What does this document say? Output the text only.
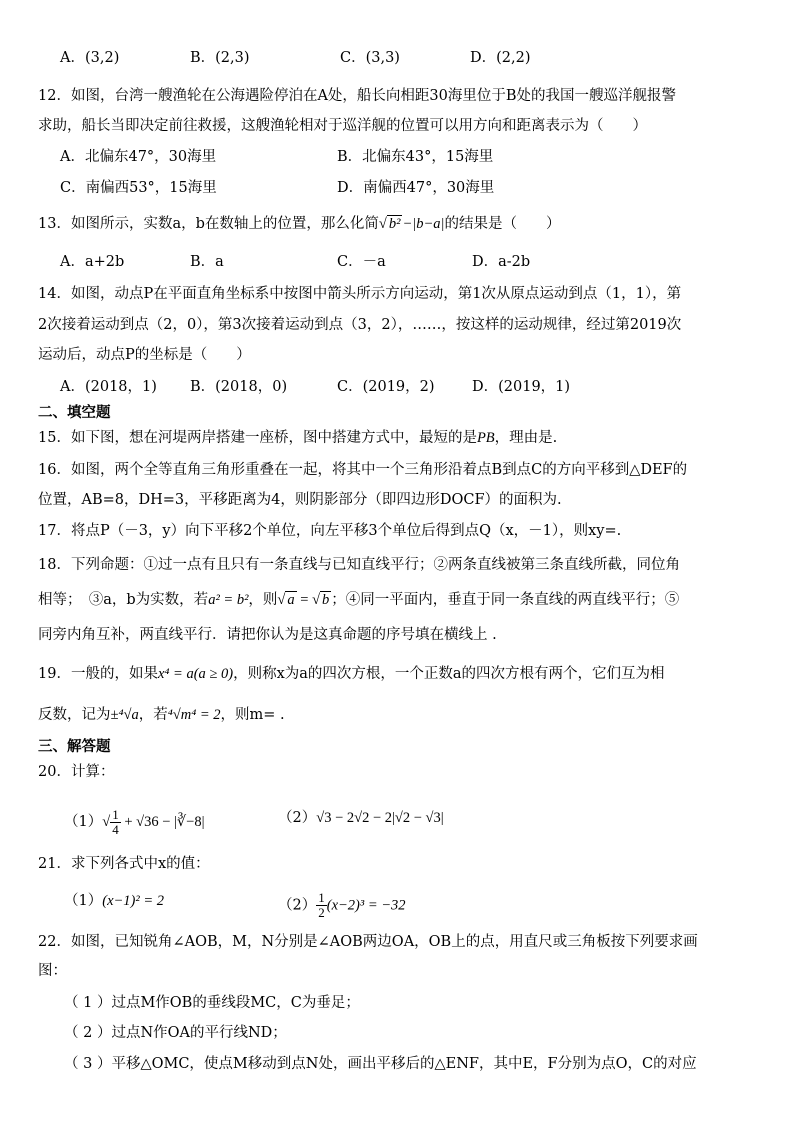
A．(3,2)	B．(2,3)	C．(3,3)	D．(2,2)
12．如图，台湾一艘渔轮在公海遇险停泊在A处，船长向相距30海里位于B处的我国一艘巡洋舰报警
求助，船长当即决定前往救援，这艘渔轮相对于巡洋舰的位置可以用方向和距离表示为（　　）
A．北偏东47°，30海里	B．北偏东43°，15海里
C．南偏西53°，15海里	D．南偏西47°，30海里
13．如图所示，实数a，b在数轴上的位置，那么化简√ b² −|b−a|的结果是（　　）
A．a+2b	B．a	C．－a	D．a-2b
14．如图，动点P在平面直角坐标系中按图中箭头所示方向运动，第1次从原点运动到点（1，1），第
2次接着运动到点（2，0），第3次接着运动到点（3，2），……，按这样的运动规律，经过第2019次
运动后，动点P的坐标是（　　）
A．(2018，1) B．(2018，0)	C．(2019，2)	D．(2019，1)
二、填空题
15．如下图，想在河堤两岸搭建一座桥，图中搭建方式中，最短的是PB，理由是.
16．如图，两个全等直角三角形重叠在一起，将其中一个三角形沿着点B到点C的方向平移到△DEF的
位置，AB=8，DH=3，平移距离为4，则阴影部分（即四边形DOCF）的面积为.
17．将点P（－3，y）向下平移2个单位，向左平移3个单位后得到点Q（x，－1），则xy=.
18．下列命题：①过一点有且只有一条直线与已知直线平行；②两条直线被第三条直线所截，同位角
相等；　③a，b为实数，若a² = b²，则√ a = √ b ；④同一平面内，垂直于同一条直线的两直线平行；⑤
同旁内角互补，两直线平行．请把你认为是这真命题的序号填在横线上 .
19．一般的，如果x⁴ = a(a ≥ 0)，则称x为a的四次方根，一个正数a的四次方根有两个，它们互为相
反数，记为±⁴√a，若⁴√m⁴ = 2，则m= .
三、解答题
20．计算：
$(1)√ \frac{1}{4} + √36$ − |∛−8|	（2）√3 − 2√2 − 2|√2 − √3|
21．求下列各式中x的值：
（1）(x−1)² = 2	$(2) \frac{1}{2} (x-2)^3 = -32$
22．如图，已知锐角∠AOB，M，N分别是∠AOB两边OA，OB上的点，用直尺或三角板按下列要求画
图：
（ 1 ）过点M作OB的垂线段MC，C为垂足；
（ 2 ）过点N作OA的平行线ND；
（ 3 ）平移△OMC，使点M移动到点N处，画出平移后的△ENF，其中E，F分别为点O，C的对应
